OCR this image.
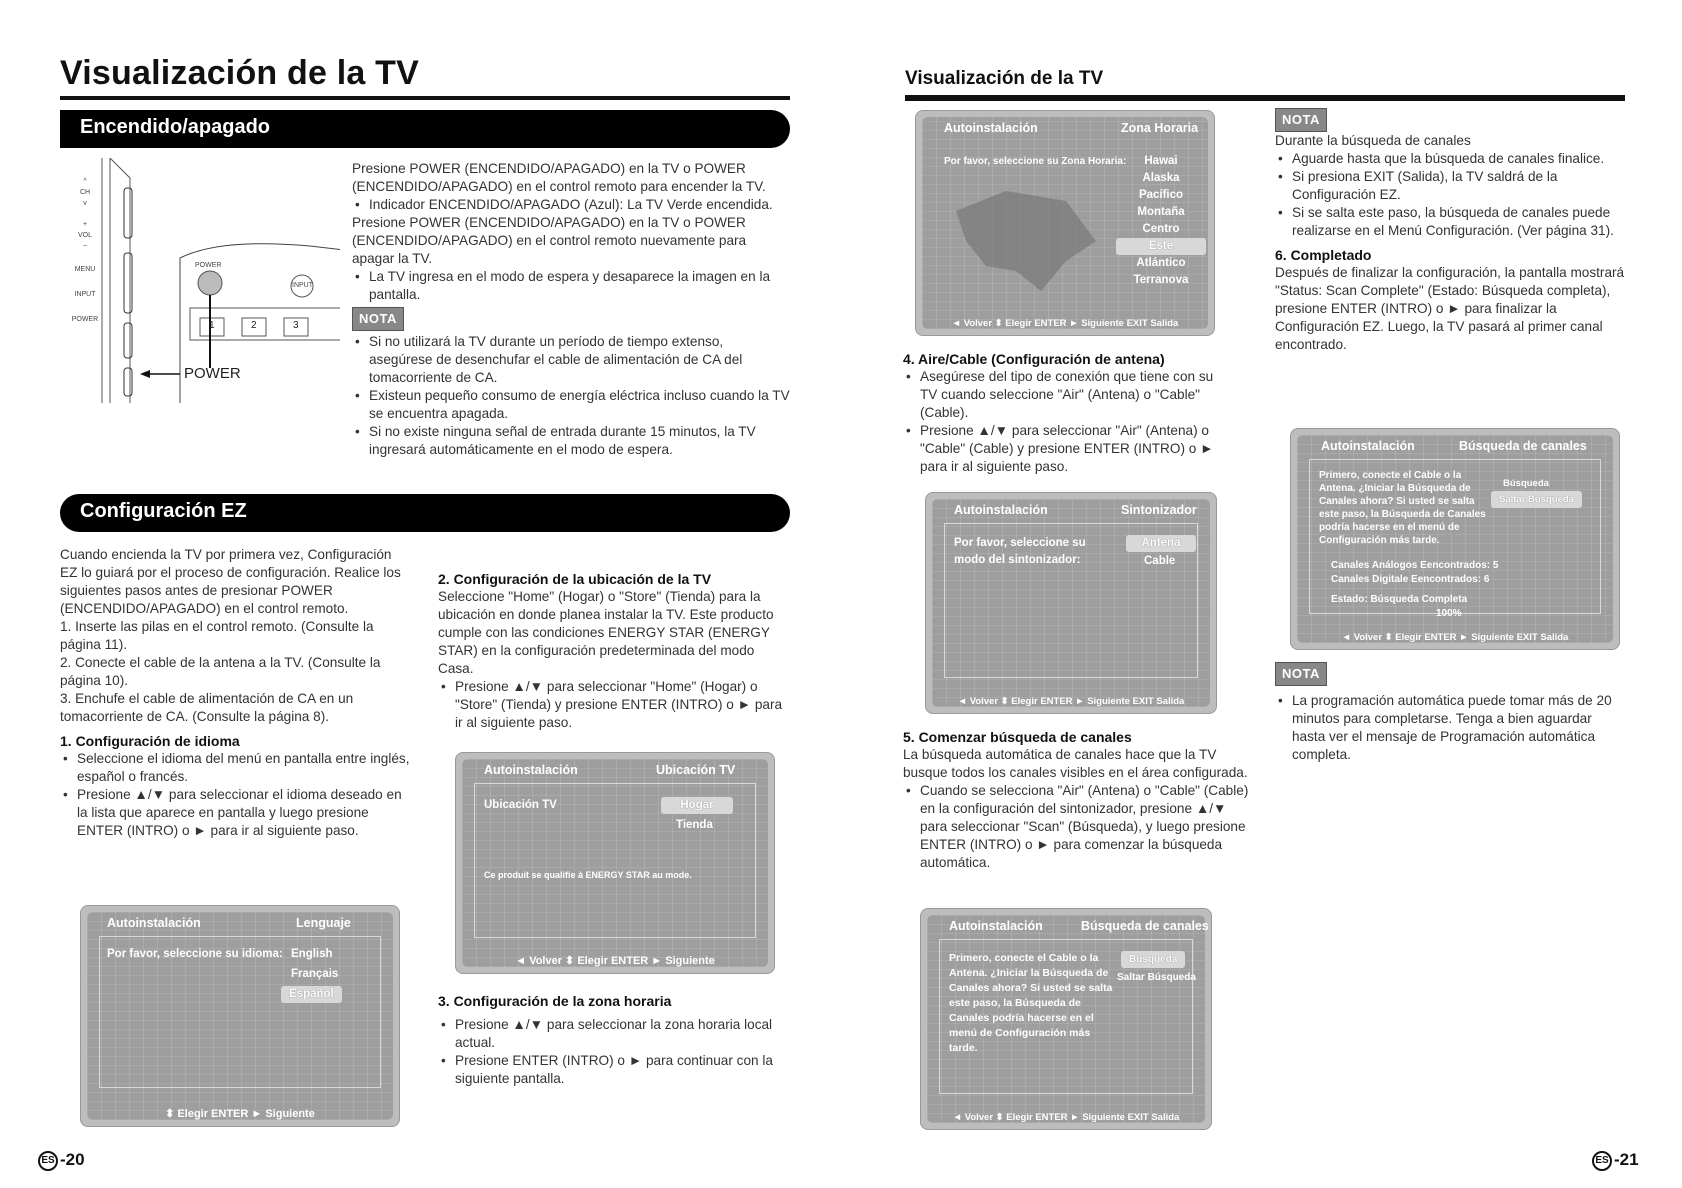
Visualización de la TV	Visualización de la TV
Encendido/apagado
^
CH
v
+
VOL
−
MENU
INPUT
POWER
POWER
INPUT
1	2	3
POWER

Presione POWER (ENCENDIDO/APAGADO) en la TV o POWER (ENCENDIDO/APAGADO) en el control remoto para encender la TV.

• Indicador ENCENDIDO/APAGADO (Azul): La TV Verde encendida.

Presione POWER (ENCENDIDO/APAGADO) en la TV o POWER (ENCENDIDO/APAGADO) en el control remoto nuevamente para apagar la TV.

• La TV ingresa en el modo de espera y desaparece la imagen en la pantalla.
NOTA
• Si no utilizará la TV durante un período de tiempo extenso, asegúrese de desenchufar el cable de alimentación de CA del tomacorriente de CA.
• Existeun pequeño consumo de energía eléctrica incluso cuando la TV se encuentra apagada.
• Si no existe ninguna señal de entrada durante 15 minutos, la TV ingresará automáticamente en el modo de espera.
Configuración EZ

Cuando encienda la TV por primera vez, Configuración EZ lo guiará por el proceso de configuración. Realice los siguientes pasos antes de presionar POWER (ENCENDIDO/APAGADO) en el control remoto.

1. Inserte las pilas en el control remoto. (Consulte la página 11).

2. Conecte el cable de la antena a la TV. (Consulte la página 10).

3. Enchufe el cable de alimentación de CA en un tomacorriente de CA. (Consulte la página 8).

1. Configuración de idioma
• Seleccione el idioma del menú en pantalla entre inglés, español o francés.
• Presione ▲/▼ para seleccionar el idioma deseado en la lista que aparece en pantalla y luego presione ENTER (INTRO) o ► para ir al siguiente paso.
Autoinstalación	Lenguaje
Por favor, seleccione su idioma: English
Français
Español
⬍ Elegir ENTER ► Siguiente
2. Configuración de la ubicación de la TV

Seleccione "Home" (Hogar) o "Store" (Tienda) para la ubicación en donde planea instalar la TV. Este producto cumple con las condiciones ENERGY STAR (ENERGY STAR) en la configuración predeterminada del modo Casa.

• Presione ▲/▼ para seleccionar "Home" (Hogar) o "Store" (Tienda) y presione ENTER (INTRO) o ► para ir al siguiente paso.
Autoinstalación	Ubicación TV
Ubicación TV	Hogar
Tienda
Ce produit se qualifie à ENERGY STAR au mode.
◄ Volver ⬍ Elegir ENTER ► Siguiente
3. Configuración de la zona horaria
• Presione ▲/▼ para seleccionar la zona horaria local actual.
• Presione ENTER (INTRO) o ► para continuar con la siguiente pantalla.
ES -20
Autoinstalación	Zona Horaria
Por favor, seleccione su Zona Horaria:	Hawai
Alaska
Pacífico
Montaña
Centro
Este
Atlántico
Terranova
◄ Volver ⬍ Elegir ENTER ► Siguiente EXIT Salida
4. Aire/Cable (Configuración de antena)
• Asegúrese del tipo de conexión que tiene con su TV cuando seleccione "Air" (Antena) o "Cable" (Cable).
• Presione ▲/▼ para seleccionar "Air" (Antena) o "Cable" (Cable) y presione ENTER (INTRO) o ► para ir al siguiente paso.
Autoinstalación	Sintonizador
Por favor, seleccione su modo del sintonizador:
Antena
Cable
◄ Volver ⬍ Elegir ENTER ► Siguiente EXIT Salida
5. Comenzar búsqueda de canales

La búsqueda automática de canales hace que la TV busque todos los canales visibles en el área configurada.

• Cuando se selecciona "Air" (Antena) o "Cable" (Cable) en la configuración del sintonizador, presione ▲/▼ para seleccionar "Scan" (Búsqueda), y luego presione ENTER (INTRO) o ► para comenzar la búsqueda automática.
Autoinstalación	Búsqueda de canales
Primero, conecte el Cable o la Antena. ¿Iniciar la Búsqueda de Canales ahora? Si usted se salta este paso, la Búsqueda de Canales podría hacerse en el menú de Configuración más tarde.
Búsqueda
Saltar Búsqueda
◄ Volver ⬍ Elegir ENTER ► Siguiente EXIT Salida
NOTA

Durante la búsqueda de canales

• Aguarde hasta que la búsqueda de canales finalice.
• Si presiona EXIT (Salida), la TV saldrá de la Configuración EZ.
• Si se salta este paso, la búsqueda de canales puede realizarse en el Menú Configuración. (Ver página 31).
6. Completado

Después de finalizar la configuración, la pantalla mostrará "Status: Scan Complete" (Estado: Búsqueda completa), presione ENTER (INTRO) o ► para finalizar la Configuración EZ. Luego, la TV pasará al primer canal encontrado.

Autoinstalación	Búsqueda de canales
Primero, conecte el Cable o la Antena. ¿Iniciar la Búsqueda de Canales ahora? Si usted se salta este paso, la Búsqueda de Canales podría hacerse en el menú de Configuración más tarde.
Búsqueda
Saltar Búsqueda
Canales Análogos Eencontrados: 5
Canales Digitale Eencontrados: 6
Estado: Búsqueda Completa
100%
◄ Volver ⬍ Elegir ENTER ► Siguiente EXIT Salida
NOTA
• La programación automática puede tomar más de 20 minutos para completarse. Tenga a bien aguardar hasta ver el mensaje de Programación automática completa.
ES -21
